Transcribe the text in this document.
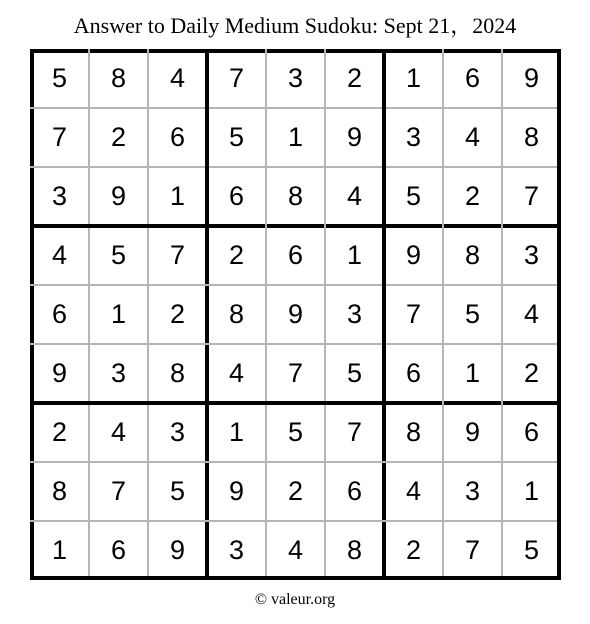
Answer to Daily Medium Sudoku: Sept 21，2024
5	8	4	7	3	2	1	6	9
7	2	6	5	1	9	3	4	8
3	9	1	6	8	4	5	2	7
4	5	7	2	6	1	9	8	3
6	1	2	8	9	3	7	5	4
9	3	8	4	7	5	6	1	2
2	4	3	1	5	7	8	9	6
8	7	5	9	2	6	4	3	1
1	6	9	3	4	8	2	7	5
© valeur.org
